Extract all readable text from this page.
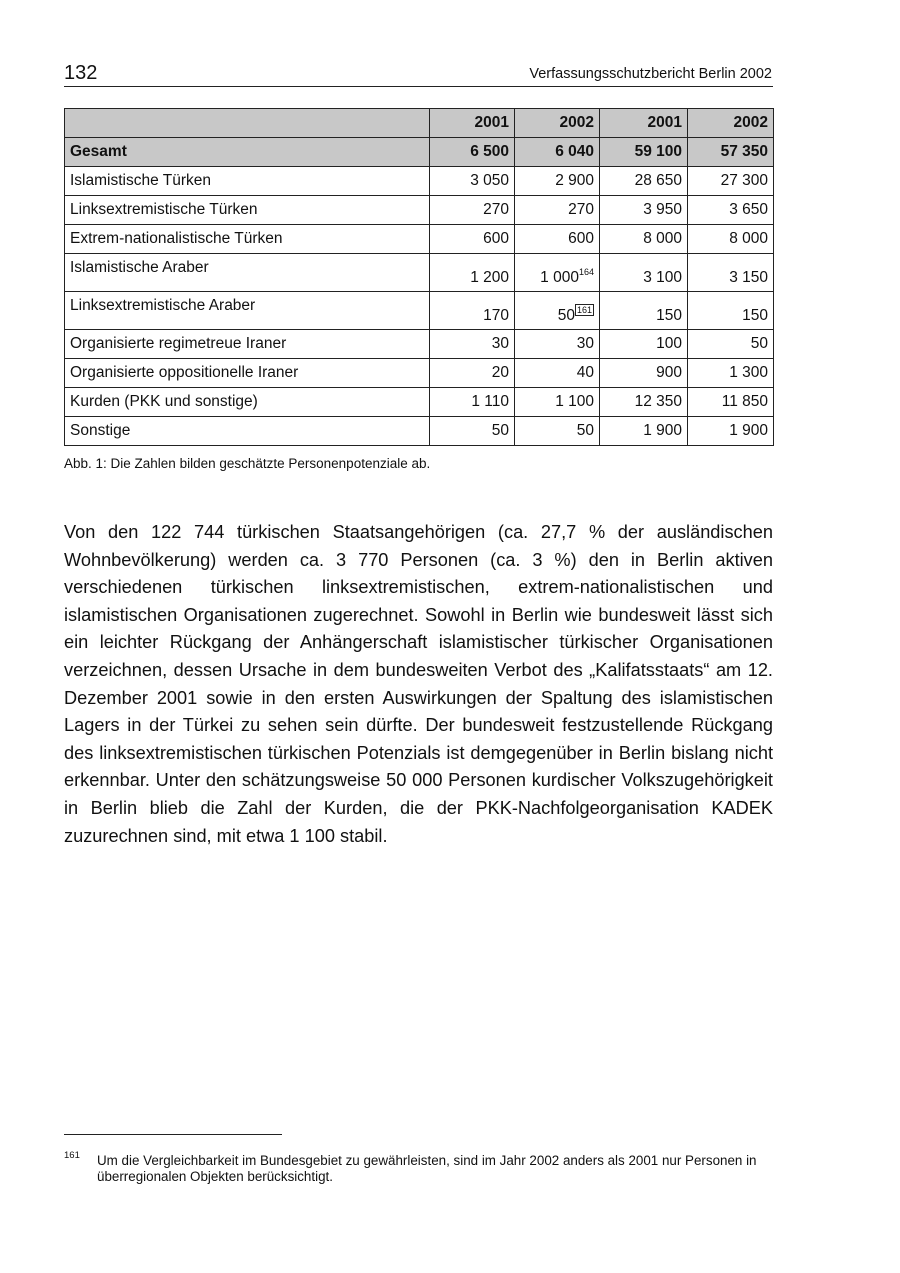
132	Verfassungsschutzbericht Berlin 2002
	2001	2002	2001	2002
Gesamt	6 500	6 040	59 100	57 350
Islamistische Türken	3 050	2 900	28 650	27 300
Linksextremistische Türken	270	270	3 950	3 650
Extrem-nationalistische Türken	600	600	8 000	8 000
Islamistische Araber	1 200	1 $000^{164}$	3 100	3 150
Linksextremistische Araber	170	50 $^{161}$	150	150
Organisierte regimetreue Iraner	30	30	100	50
Organisierte oppositionelle Iraner	20	40	900	1 300
Kurden (PKK und sonstige)	1 110	1 100	12 350	11 850
Sonstige	50	50	1 900	1 900
Abb. 1: Die Zahlen bilden geschätzte Personenpotenziale ab.

Von den 122 744 türkischen Staatsangehörigen (ca. 27,7 % der ausländischen Wohnbevölkerung) werden ca. 3 770 Personen (ca. 3 %) den in Berlin aktiven verschiedenen türkischen linksextremistischen, extrem-nationalistischen und islamistischen Organisationen zugerechnet. Sowohl in Berlin wie bundesweit lässt sich ein leichter Rückgang der Anhängerschaft islamistischer türkischer Organisationen verzeichnen, dessen Ursache in dem bundesweiten Verbot des „Kalifatsstaats“ am 12. Dezember 2001 sowie in den ersten Auswirkungen der Spaltung des islamistischen Lagers in der Türkei zu sehen sein dürfte. Der bundesweit festzustellende Rückgang des linksextremistischen türkischen Potenzials ist demgegenüber in Berlin bislang nicht erkennbar. Unter den schätzungsweise 50 000 Personen kurdischer Volkszugehörigkeit in Berlin blieb die Zahl der Kurden, die der PKK-Nachfolgeorganisation KADEK zuzurechnen sind, mit etwa 1 100 stabil.

161 Um die Vergleichbarkeit im Bundesgebiet zu gewährleisten, sind im Jahr 2002 anders als 2001 nur Personen in überregionalen Objekten berücksichtigt.
